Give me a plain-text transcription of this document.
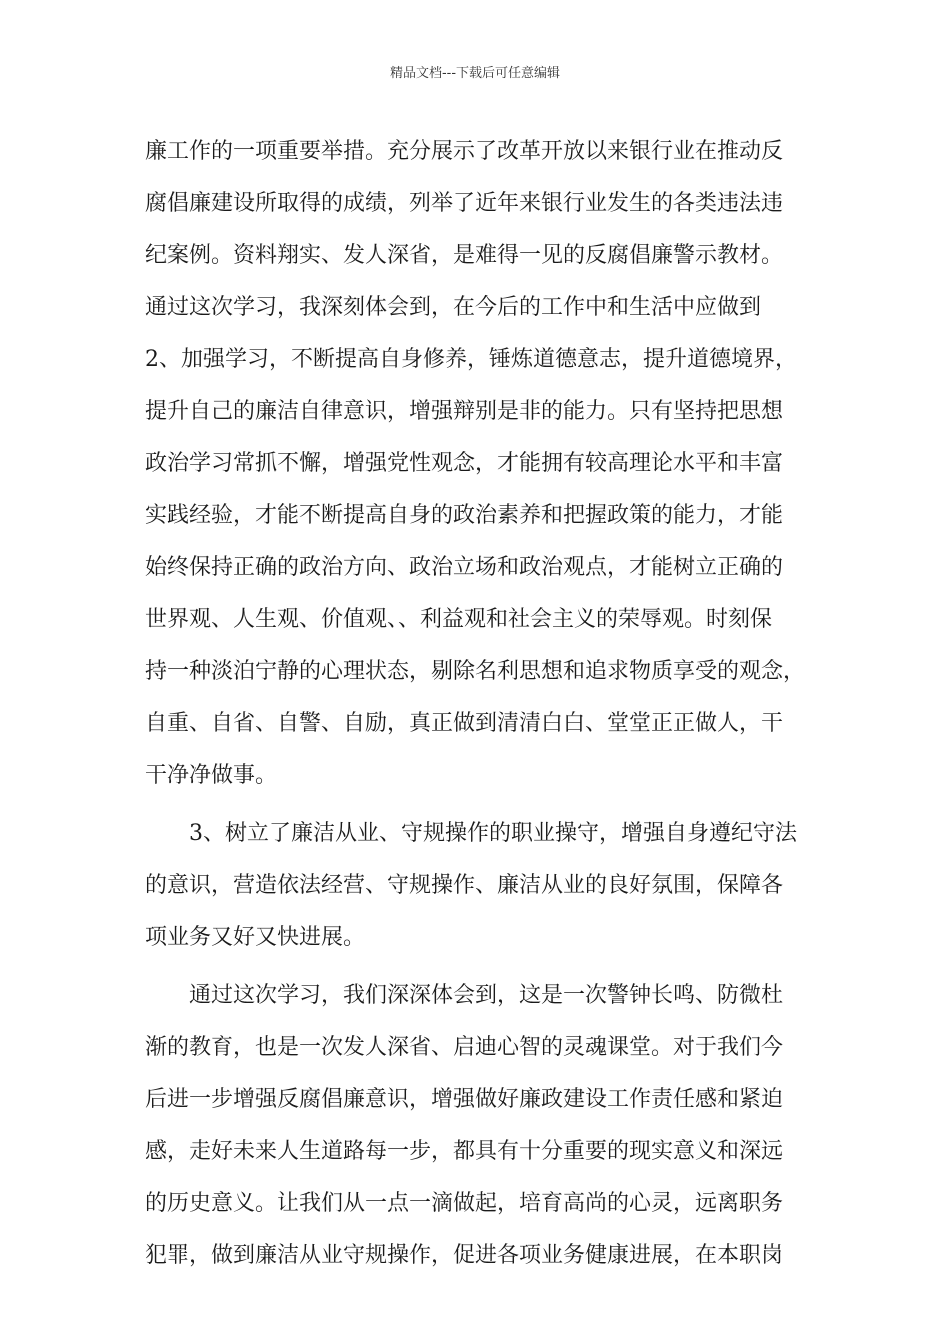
精品文档---下载后可任意编辑
廉工作的一项重要举措。充分展示了改革开放以来银行业在推动反
腐倡廉建设所取得的成绩，列举了近年来银行业发生的各类违法违
纪案例。资料翔实、发人深省，是难得一见的反腐倡廉警示教材。
通过这次学习，我深刻体会到，在今后的工作中和生活中应做到
2、加强学习，不断提高自身修养，锤炼道德意志，提升道德境界，
提升自己的廉洁自律意识，增强辩别是非的能力。只有坚持把思想
政治学习常抓不懈，增强党性观念，才能拥有较高理论水平和丰富
实践经验，才能不断提高自身的政治素养和把握政策的能力，才能
始终保持正确的政治方向、政治立场和政治观点，才能树立正确的
世界观、人生观、价值观、、利益观和社会主义的荣辱观。时刻保
持一种淡泊宁静的心理状态，剔除名利思想和追求物质享受的观念，
自重、自省、自警、自励，真正做到清清白白、堂堂正正做人，干
干净净做事。
3、树立了廉洁从业、守规操作的职业操守，增强自身遵纪守法
的意识，营造依法经营、守规操作、廉洁从业的良好氛围，保障各
项业务又好又快进展。
通过这次学习，我们深深体会到，这是一次警钟长鸣、防微杜
渐的教育，也是一次发人深省、启迪心智的灵魂课堂。对于我们今
后进一步增强反腐倡廉意识，增强做好廉政建设工作责任感和紧迫
感，走好未来人生道路每一步，都具有十分重要的现实意义和深远
的历史意义。让我们从一点一滴做起，培育高尚的心灵，远离职务
犯罪，做到廉洁从业守规操作，促进各项业务健康进展，在本职岗
